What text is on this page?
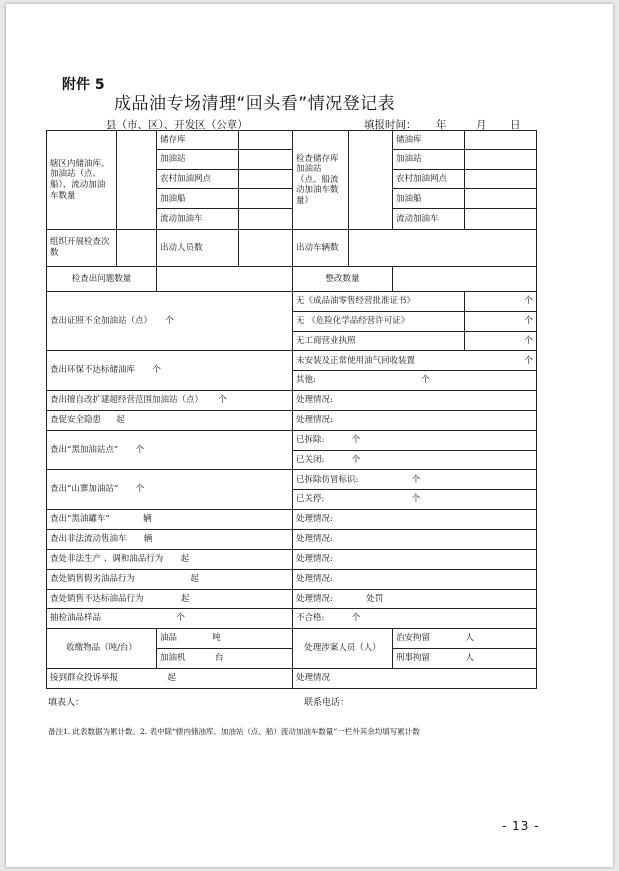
附件 5
成品油专场清理“回头看”情况登记表
县（市、区）、开发区（公章）	填报时间： 年	月 日
辖区内储油库、加油站（点、船）、流动加油车数量		储存库		检查储存库加油站（点、船流动加油车数量）		储油库	
		加油站				加油站	
		农村加油网点				农村加油网点	
		加油船				加油船	
		流动加油车				流动加油车	
组织开展检查次数		出动人员数		出动车辆数			
检查出问题数量				整改数量			
查出证照不全加油站（点） 个				无《成品油零售经营批准证书》			个
				无 《危险化学品经营许可证》			个
				无工商营业执照			个
查出环保不达标储油库 个				未安装及正常使用油气回收装置 个			

				其他: 个			
查出擅自改扩建超经营范围加油站（点） 个				处理情况:			
查促安全隐患 起				处理情况:			
查出“黑加油站点” 个				已拆除: 个			
				已关闭: 个			
查出“山寨加油站” 个				已拆除仿冒标识: 个			
				已关停: 个			
查出“黑油罐车” 辆				处理情况:			
查出非法流动售油车 辆				处理情况:			
查处非法生产 、调和油品行为 起				处理情况:			
查处销售假劣油品行为 起				处理情况:			
查处销售不达标油品行为 起				处理情况: 处罚			
抽检油品样品 个				不合格: 个			
收缴物品（吨/台）		油品 吨		处理涉案人员（人）		治安拘留 人	
		加油机 台				刑事拘留 人	
接到群众投诉举报 起				处理情况			
填表人：	联系电话：
备注1. 此表数据为累计数。2. 表中除“辖内储油库、加油站（点、船）流动加油车数量”一栏外其余均填写累计数
- 13 -
